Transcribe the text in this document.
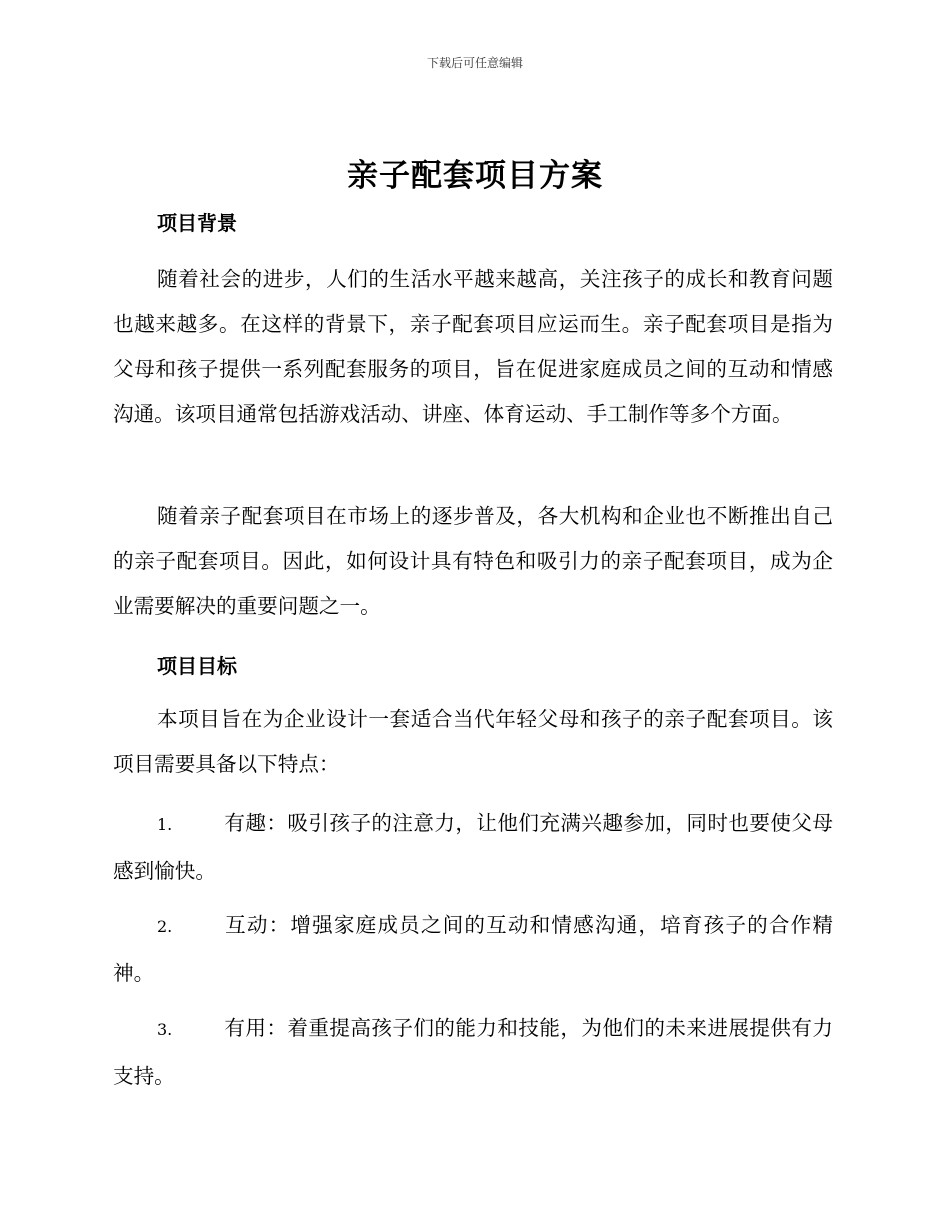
下载后可任意编辑
亲子配套项目方案
项目背景
随着社会的进步，人们的生活水平越来越高，关注孩子的成长和教育问题也越来越多。在这样的背景下，亲子配套项目应运而生。亲子配套项目是指为父母和孩子提供一系列配套服务的项目，旨在促进家庭成员之间的互动和情感沟通。该项目通常包括游戏活动、讲座、体育运动、手工制作等多个方面。
随着亲子配套项目在市场上的逐步普及，各大机构和企业也不断推出自己的亲子配套项目。因此，如何设计具有特色和吸引力的亲子配套项目，成为企业需要解决的重要问题之一。
项目目标
本项目旨在为企业设计一套适合当代年轻父母和孩子的亲子配套项目。该项目需要具备以下特点：
1.	有趣：吸引孩子的注意力，让他们充满兴趣参加，同时也要使父母感到愉快。
2.	互动：增强家庭成员之间的互动和情感沟通，培育孩子的合作精神。
3.	有用：着重提高孩子们的能力和技能，为他们的未来进展提供有力支持。
